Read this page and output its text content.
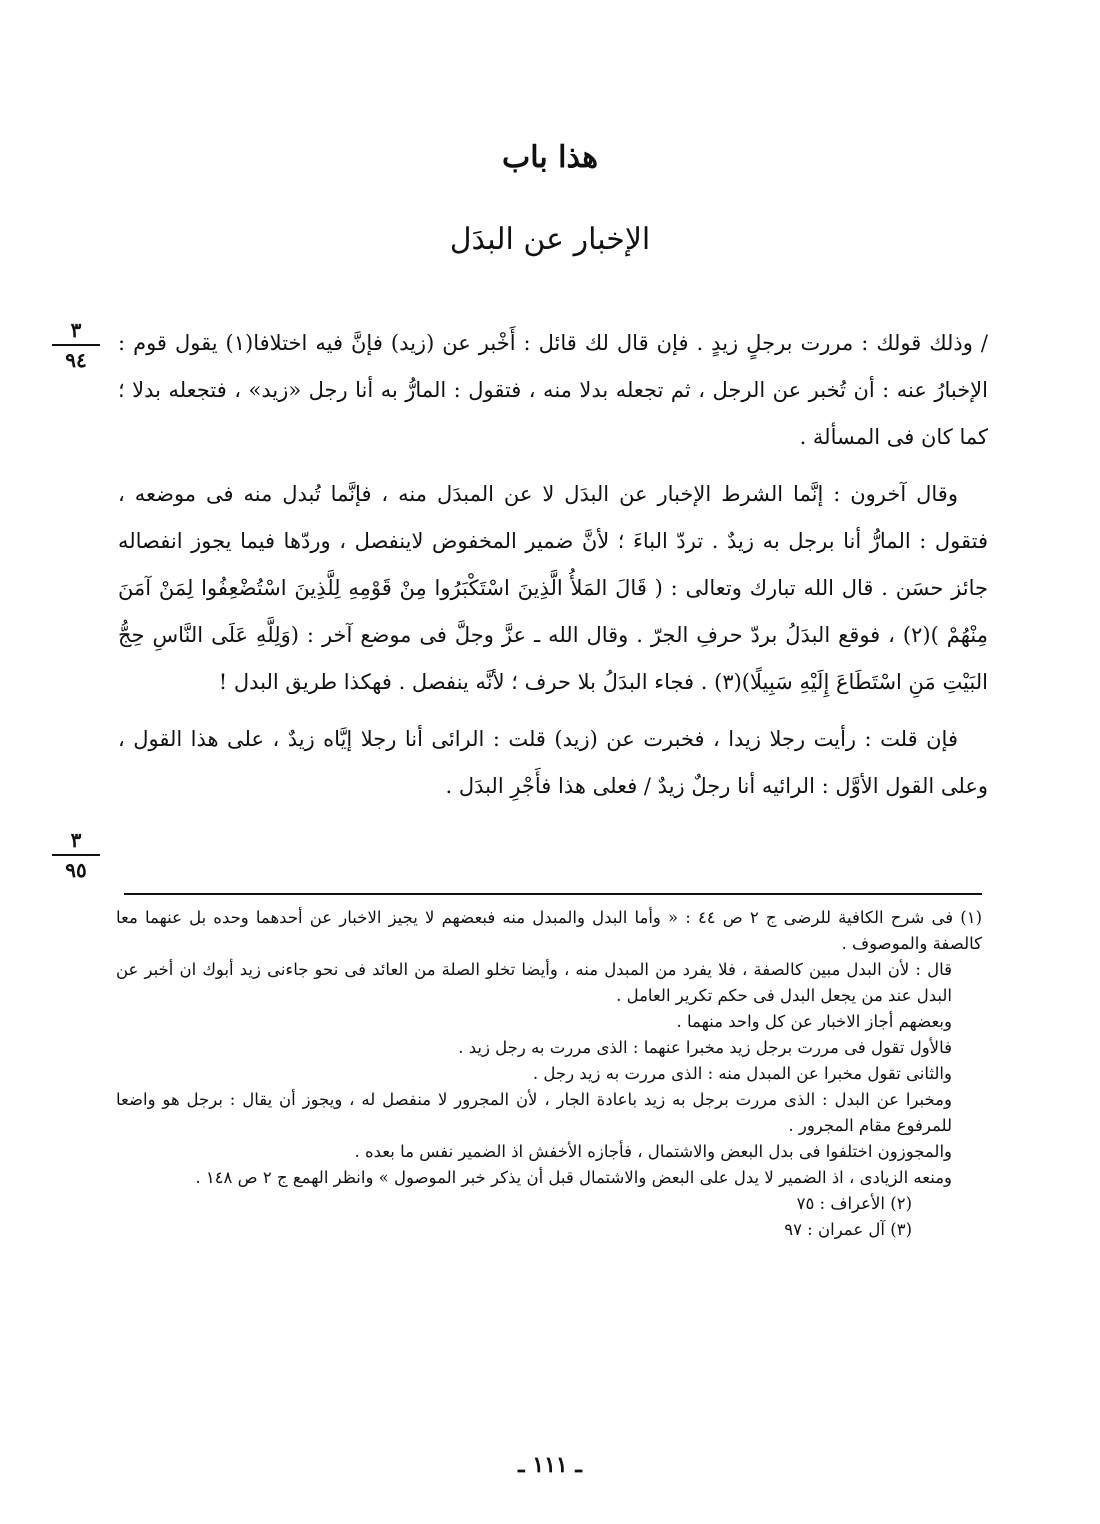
هذا باب
الإخبار عن البدَل
٣
٩٤
٣
٩٥

/ وذلك قولك : مررت برجلٍ زيدٍ . فإن قال لك قائل : أَخْبر عن (زيد) فإنَّ فيه اختلافا(١) يقول قوم : الإخبارُ عنه : أن تُخبر عن الرجل ، ثم تجعله بدلا منه ، فتقول : المارُّ به أنا رجل «زيد» ، فتجعله بدلا ؛ كما كان فى المسألة .

وقال آخرون : إنَّما الشرط الإخبار عن البدَل لا عن المبدَل منه ، فإنَّما تُبدل منه فى موضعه ، فتقول : المارُّ أنا برجل به زيدٌ . تردّ الباءَ ؛ لأنَّ ضمير المخفوض لاينفصل ، وردّها فيما يجوز انفصاله جائز حسَن . قال الله تبارك وتعالى : ( قَالَ المَلأُ الَّذِينَ اسْتَكْبَرُوا مِنْ قَوْمِهِ لِلَّذِينَ اسْتُضْعِفُوا لِمَنْ آمَنَ مِنْهُمْ )(٢) ، فوقع البدَلُ بردّ حرفِ الجرّ . وقال الله ـ عزَّ وجلَّ فى موضع آخر : (وَلِلَّهِ عَلَى النَّاسِ حِجُّ البَيْتِ مَنِ اسْتَطَاعَ إِلَيْهِ سَبِيلًا)(٣) . فجاء البدَلُ بلا حرف ؛ لأنَّه ينفصل . فهكذا طريق البدل !

فإن قلت : رأيت رجلا زيدا ، فخبرت عن (زيد) قلت : الرائى أنا رجلا إيَّاه زيدٌ ، على هذا القول ، وعلى القول الأوَّل : الرائيه أنا رجلٌ زيدٌ / فعلى هذا فأَجْرِ البدَل .

(١) فى شرح الكافية للرضى ج ٢ ص ٤٤ : « وأما البدل والمبدل منه فبعضهم لا يجيز الاخبار عن أحدهما وحده بل عنهما معا كالصفة والموصوف .

قال : لأن البدل مبين كالصفة ، فلا يفرد من المبدل منه ، وأيضا تخلو الصلة من العائد فى نحو جاءنى زيد أبوك ان أخبر عن البدل عند من يجعل البدل فى حكم تكرير العامل .

وبعضهم أجاز الاخبار عن كل واحد منهما .

فالأول تقول فى مررت برجل زيد مخبرا عنهما : الذى مررت به رجل زيد .

والثانى تقول مخبرا عن المبدل منه : الذى مررت به زيد رجل .

ومخبرا عن البدل : الذى مررت برجل به زيد باعادة الجار ، لأن المجرور لا منفصل له ، ويجوز أن يقال : برجل هو واضعا للمرفوع مقام المجرور .

والمجوزون اختلفوا فى بدل البعض والاشتمال ، فأجازه الأخفش اذ الضمير نفس ما بعده .

ومنعه الزيادى ، اذ الضمير لا يدل على البعض والاشتمال قبل أن يذكر خبر الموصول » وانظر الهمع ج ٢ ص ١٤٨ .

(٢) الأعراف : ٧٥

(٣) آل عمران : ٩٧

ـ ١١١ ـ
